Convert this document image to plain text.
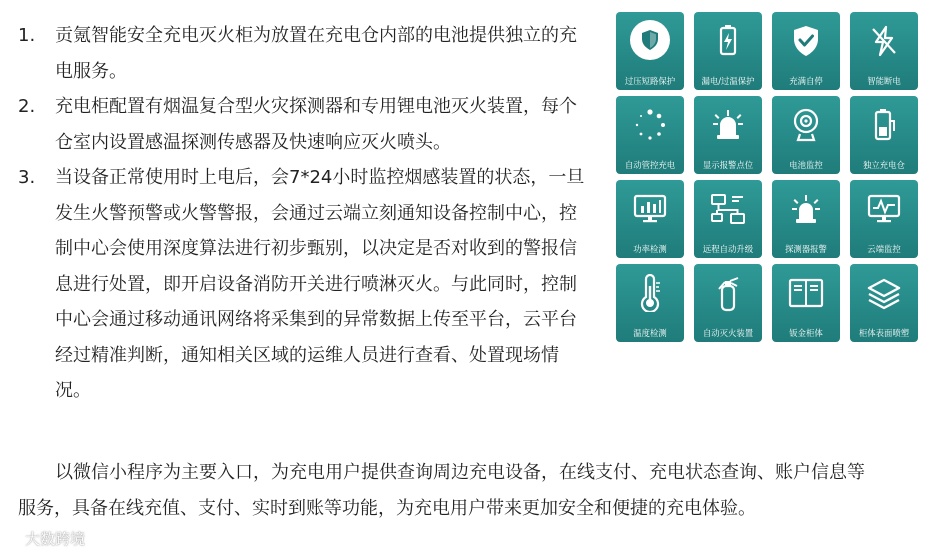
1.	贡氪智能安全充电灭火柜为放置在充电仓内部的电池提供独立的充电服务。
2.	充电柜配置有烟温复合型火灾探测器和专用锂电池灭火装置，每个仓室内设置感温探测传感器及快速响应灭火喷头。
3.	当设备正常使用时上电后，会7*24小时监控烟感装置的状态，一旦发生火警预警或火警警报，会通过云端立刻通知设备控制中心，控制中心会使用深度算法进行初步甄别，以决定是否对收到的警报信息进行处置，即开启设备消防开关进行喷淋灭火。与此同时，控制中心会通过移动通讯网络将采集到的异常数据上传至平台，云平台经过精准判断，通知相关区域的运维人员进行查看、处置现场情况。
过压短路保护	漏电/过温保护	充满自停	智能断电
自动管控充电	显示报警点位	电池监控	独立充电仓
功率检测	远程自动升级	探测器报警	云端监控
温度检测	自动灭火装置	钣金柜体	柜体表面喷塑
以微信小程序为主要入口，为充电用户提供查询周边充电设备，在线支付、充电状态查询、账户信息等服务，具备在线充值、支付、实时到账等功能，为充电用户带来更加安全和便捷的充电体验。
大数跨境
